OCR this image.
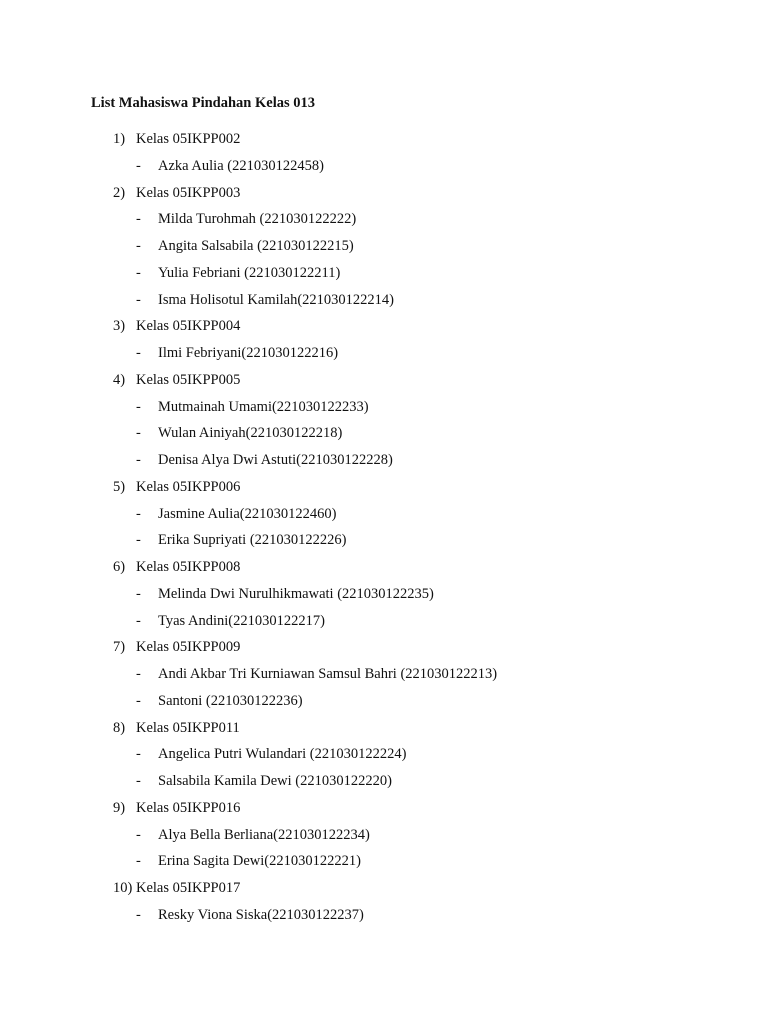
List Mahasiswa Pindahan Kelas 013
1) Kelas 05IKPP002
- Azka Aulia (221030122458)
2) Kelas 05IKPP003
- Milda Turohmah (221030122222)
- Angita Salsabila (221030122215)
- Yulia Febriani (221030122211)
- Isma Holisotul Kamilah(221030122214)
3) Kelas 05IKPP004
- Ilmi Febriyani(221030122216)
4) Kelas 05IKPP005
- Mutmainah Umami(221030122233)
- Wulan Ainiyah(221030122218)
- Denisa Alya Dwi Astuti(221030122228)
5) Kelas 05IKPP006
- Jasmine Aulia(221030122460)
- Erika Supriyati (221030122226)
6) Kelas 05IKPP008
- Melinda Dwi Nurulhikmawati (221030122235)
- Tyas Andini(221030122217)
7) Kelas 05IKPP009
- Andi Akbar Tri Kurniawan Samsul Bahri (221030122213)
- Santoni (221030122236)
8) Kelas 05IKPP011
- Angelica Putri Wulandari (221030122224)
- Salsabila Kamila Dewi (221030122220)
9) Kelas 05IKPP016
- Alya Bella Berliana(221030122234)
- Erina Sagita Dewi(221030122221)
10) Kelas 05IKPP017
- Resky Viona Siska(221030122237)
